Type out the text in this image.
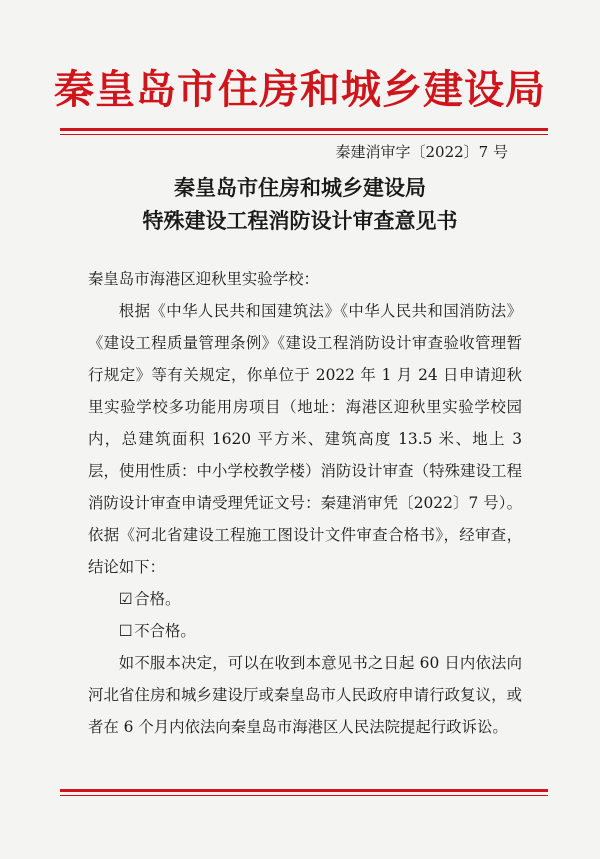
秦皇岛市住房和城乡建设局
秦建消审字〔2022〕7 号
秦皇岛市住房和城乡建设局
特殊建设工程消防设计审查意见书

秦皇岛市海港区迎秋里实验学校：

根据《中华人民共和国建筑法》《中华人民共和国消防法》《建设工程质量管理条例》《建设工程消防设计审查验收管理暂行规定》等有关规定，你单位于 2022 年 1 月 24 日申请迎秋里实验学校多功能用房项目（地址：海港区迎秋里实验学校园内，总建筑面积 1620 平方米、建筑高度 13.5 米、地上 3 层，使用性质：中小学校教学楼）消防设计审查（特殊建设工程消防设计审查申请受理凭证文号：秦建消审凭〔2022〕7 号）。依据《河北省建设工程施工图设计文件审查合格书》，经审查，结论如下：

☑ 合格。

☐ 不合格。

如不服本决定，可以在收到本意见书之日起 60 日内依法向河北省住房和城乡建设厅或秦皇岛市人民政府申请行政复议，或者在 6 个月内依法向秦皇岛市海港区人民法院提起行政诉讼。
